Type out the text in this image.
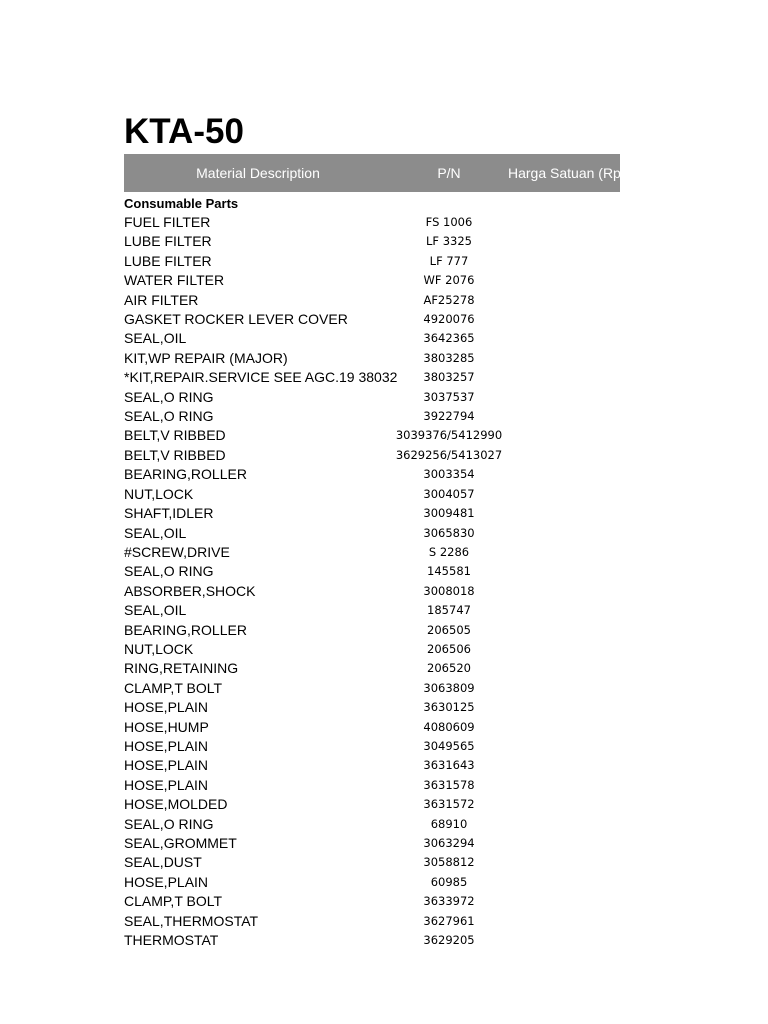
KTA-50
Material Description	P/N	Harga Satuan (Rp)
Consumable Parts
FUEL FILTER	FS 1006
LUBE FILTER	LF 3325
LUBE FILTER	LF 777
WATER FILTER	WF 2076
AIR FILTER	AF25278
GASKET ROCKER LEVER COVER	4920076
SEAL,OIL	3642365
KIT,WP REPAIR (MAJOR)	3803285
*KIT,REPAIR.SERVICE SEE AGC.19 38032	3803257
SEAL,O RING	3037537
SEAL,O RING	3922794
BELT,V RIBBED	3039376/5412990
BELT,V RIBBED	3629256/5413027
BEARING,ROLLER	3003354
NUT,LOCK	3004057
SHAFT,IDLER	3009481
SEAL,OIL	3065830
#SCREW,DRIVE	S 2286
SEAL,O RING	145581
ABSORBER,SHOCK	3008018
SEAL,OIL	185747
BEARING,ROLLER	206505
NUT,LOCK	206506
RING,RETAINING	206520
CLAMP,T BOLT	3063809
HOSE,PLAIN	3630125
HOSE,HUMP	4080609
HOSE,PLAIN	3049565
HOSE,PLAIN	3631643
HOSE,PLAIN	3631578
HOSE,MOLDED	3631572
SEAL,O RING	68910
SEAL,GROMMET	3063294
SEAL,DUST	3058812
HOSE,PLAIN	60985
CLAMP,T BOLT	3633972
SEAL,THERMOSTAT	3627961
THERMOSTAT	3629205
